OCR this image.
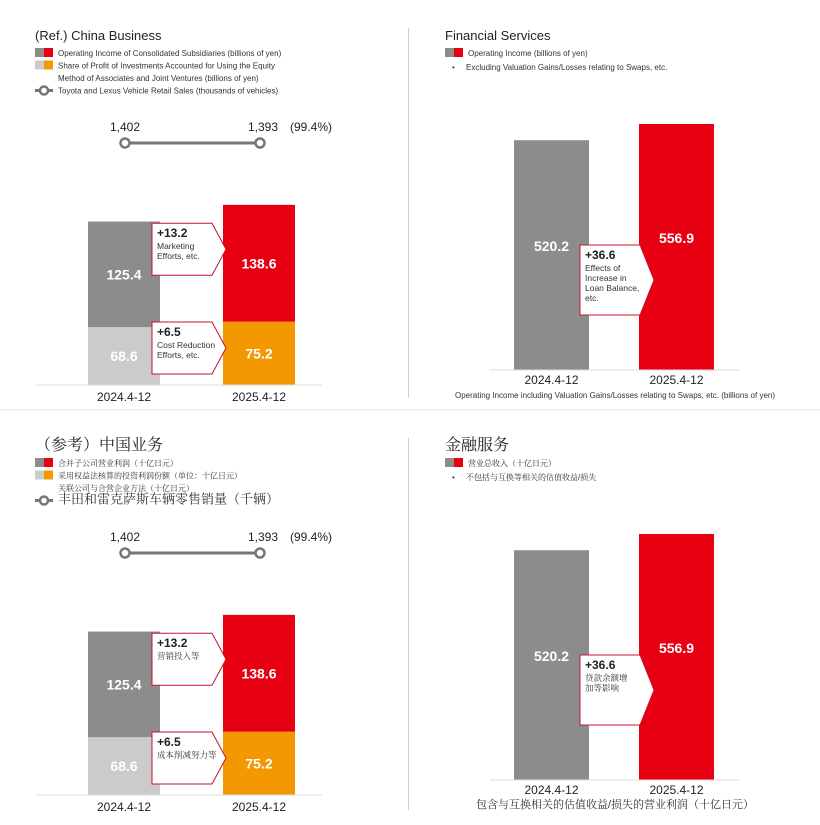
(Ref.) China Business
Operating Income of Consolidated Subsidiaries (billions of yen)
Share of Profit of Investments Accounted for Using the Equity
Method of Associates and Joint Ventures (billions of yen)
Toyota and Lexus Vehicle Retail Sales (thousands of vehicles)
68.6
125.4
2024.4-12
75.2
138.6
2025.4-12
1,402	1,393 (99.4%)
+13.2
Marketing
Efforts, etc.
+6.5
Cost Reduction
Efforts, etc.
Financial Services
Operating Income (billions of yen)
• Excluding Valuation Gains/Losses relating to Swaps, etc.
520.2
2024.4-12
556.9
2025.4-12
+36.6
Effects of
Increase in
Loan Balance,
etc.
Operating Income including Valuation Gains/Losses relating to Swaps, etc. (billions of yen)
（参考）中国业务
合并子公司营业利润（十亿日元）
采用权益法核算的投资利润份额（单位：十亿日元）
关联公司与合营企业方法（十亿日元）
丰田和雷克萨斯车辆零售销量（千辆）
68.6
125.4
2024.4-12
75.2
138.6
2025.4-12
1,402	1,393 (99.4%)
+13.2
营销投入等
+6.5
成本削减努力等
金融服务
营业总收入（十亿日元）
• 不包括与互换等相关的估值收益/损失
520.2
2024.4-12
556.9
2025.4-12
+36.6
贷款余额增
加等影响
包含与互换相关的估值收益/损失的营业利润（十亿日元）
